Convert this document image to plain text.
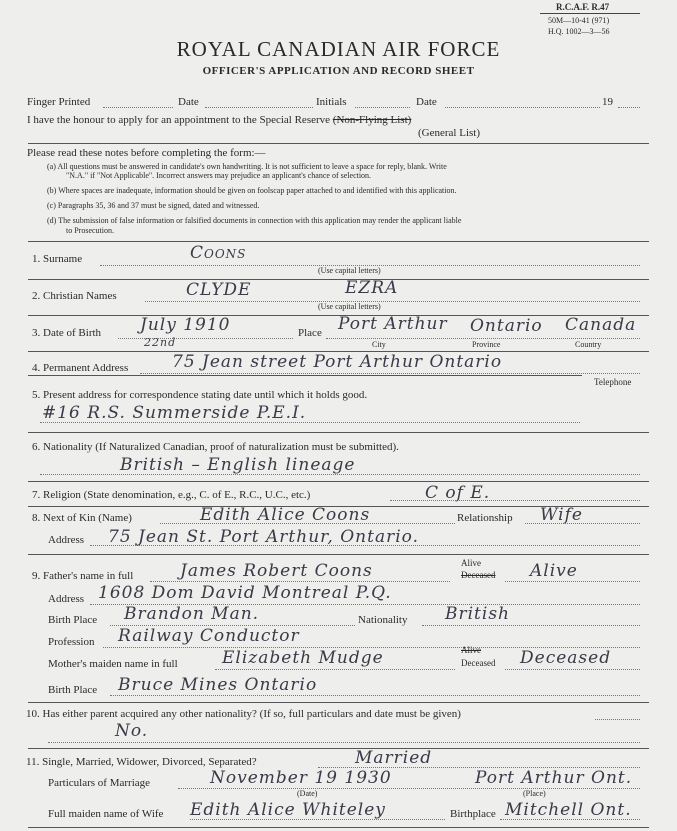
R.C.A.F. R.47
50M—10-41 (971)
H.Q. 1002—3—56
ROYAL CANADIAN AIR FORCE
OFFICER'S APPLICATION AND RECORD SHEET
Finger Printed	Date	Initials	Date	19
I have the honour to apply for an appointment to the Special Reserve (Non-Flying List)
(General List)
Please read these notes before completing the form:—
(a) All questions must be answered in candidate's own handwriting. It is not sufficient to leave a space for reply, blank. Write
"N.A." if "Not Applicable". Incorrect answers may prejudice an applicant's chance of selection.
(b) Where spaces are inadequate, information should be given on foolscap paper attached to and identified with this application.
(c) Paragraphs 35, 36 and 37 must be signed, dated and witnessed.
(d) The submission of false information or falsified documents in connection with this application may render the applicant liable
to Prosecution.
1. Surname	Coons
(Use capital letters)
2. Christian Names	CLYDE	EZRA
(Use capital letters)
3. Date of Birth July 1910
22nd
Place Port Arthur Ontario Canada
City	Province	Country
4. Permanent Address	75 Jean street Port Arthur Ontario
Telephone
5. Present address for correspondence stating date until which it holds good.
#16 R.S. Summerside P.E.I.
6. Nationality (If Naturalized Canadian, proof of naturalization must be submitted).
British – English lineage
7. Religion (State denomination, e.g., C. of E., R.C., U.C., etc.)	C of E.
8. Next of Kin (Name)	Edith Alice Coons	Relationship Wife
Address 75 Jean St. Port Arthur, Ontario.
9. Father's name in full	James Robert Coons	Alive
Deceased Alive
Address 1608 Dom David Montreal P.Q.
Birth Place Brandon Man.	Nationality British
Profession Railway Conductor
Mother's maiden name in full	Elizabeth Mudge	Alive
Deceased Deceased
Birth Place Bruce Mines Ontario
10. Has either parent acquired any other nationality? (If so, full particulars and date must be given)
No.
11. Single, Married, Widower, Divorced, Separated?	Married
Particulars of Marriage	November 19 1930	Port Arthur Ont.
(Date)	(Place)
Full maiden name of Wife Edith Alice Whiteley	Birthplace Mitchell Ont.
